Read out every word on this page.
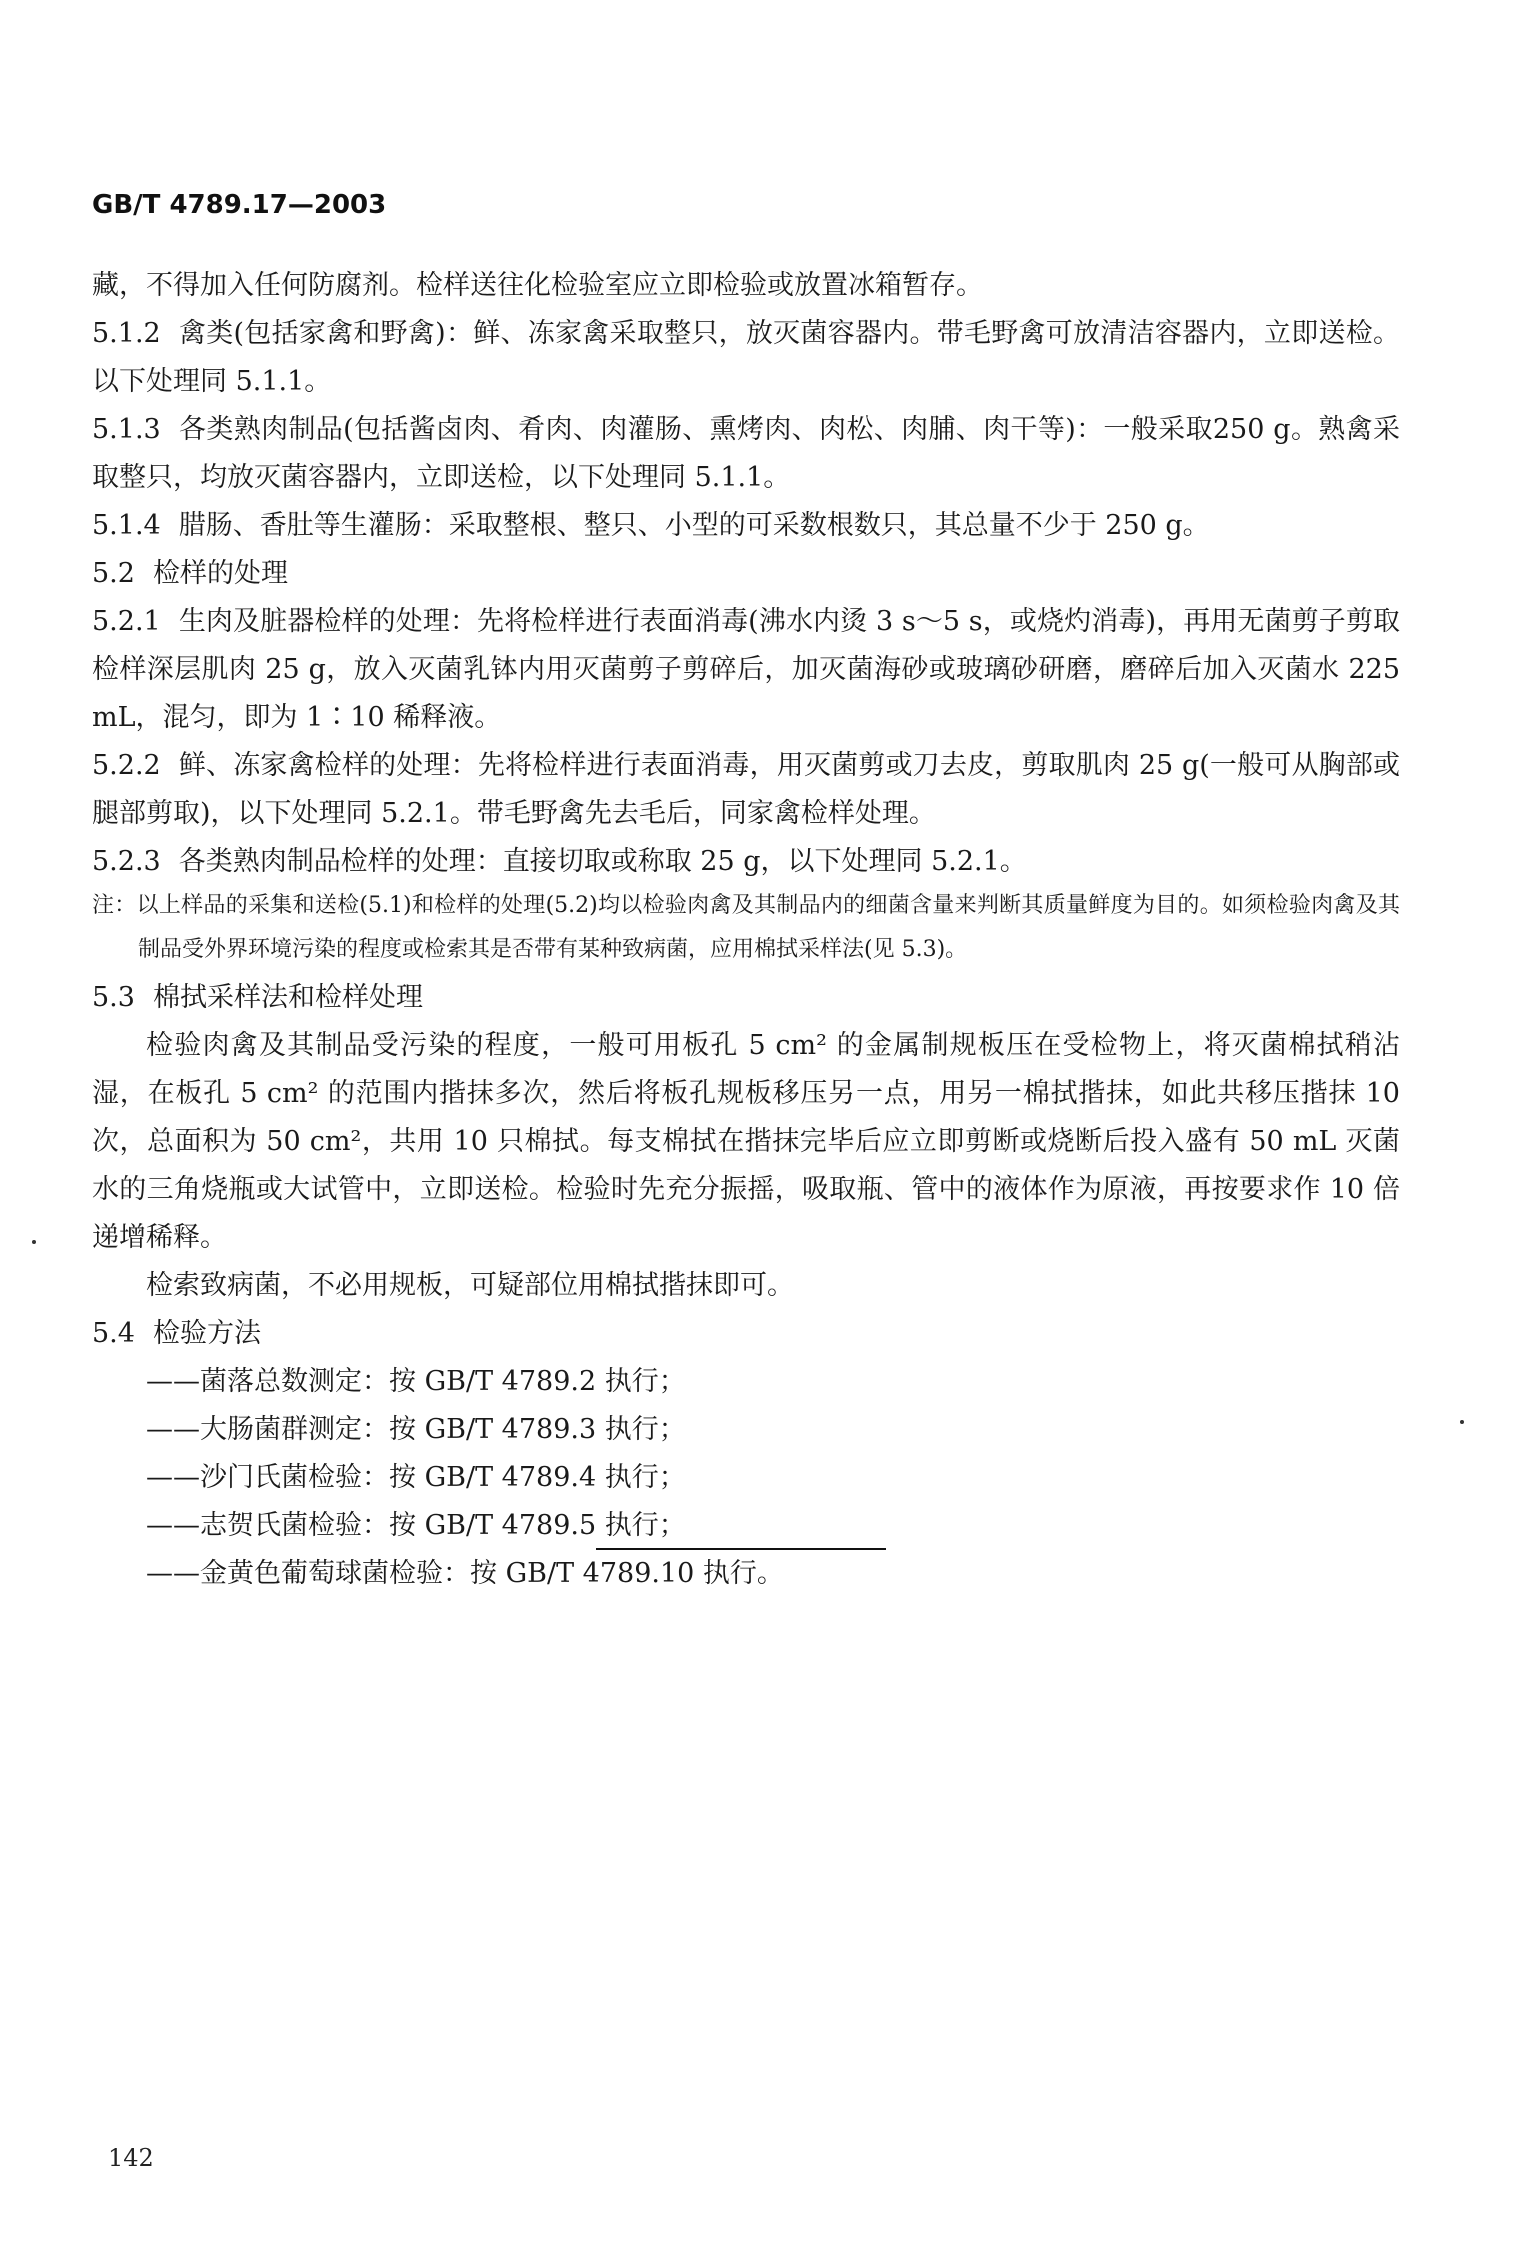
GB/T 4789.17—2003

藏，不得加入任何防腐剂。检样送往化检验室应立即检验或放置冰箱暂存。

5.1.2 禽类(包括家禽和野禽)：鲜、冻家禽采取整只，放灭菌容器内。带毛野禽可放清洁容器内，立即送检。以下处理同 5.1.1。

5.1.3 各类熟肉制品(包括酱卤肉、肴肉、肉灌肠、熏烤肉、肉松、肉脯、肉干等)：一般采取250 g。熟禽采取整只，均放灭菌容器内，立即送检，以下处理同 5.1.1。

5.1.4 腊肠、香肚等生灌肠：采取整根、整只、小型的可采数根数只，其总量不少于 250 g。

5.2 检样的处理

5.2.1 生肉及脏器检样的处理：先将检样进行表面消毒(沸水内烫 3 s～5 s，或烧灼消毒)，再用无菌剪子剪取检样深层肌肉 25 g，放入灭菌乳钵内用灭菌剪子剪碎后，加灭菌海砂或玻璃砂研磨，磨碎后加入灭菌水 225 mL，混匀，即为 1∶10 稀释液。

5.2.2 鲜、冻家禽检样的处理：先将检样进行表面消毒，用灭菌剪或刀去皮，剪取肌肉 25 g(一般可从胸部或腿部剪取)，以下处理同 5.2.1。带毛野禽先去毛后，同家禽检样处理。

5.2.3 各类熟肉制品检样的处理：直接切取或称取 25 g，以下处理同 5.2.1。

注：以上样品的采集和送检(5.1)和检样的处理(5.2)均以检验肉禽及其制品内的细菌含量来判断其质量鲜度为目的。如须检验肉禽及其制品受外界环境污染的程度或检索其是否带有某种致病菌，应用棉拭采样法(见 5.3)。

5.3 棉拭采样法和检样处理

检验肉禽及其制品受污染的程度，一般可用板孔 5 cm² 的金属制规板压在受检物上，将灭菌棉拭稍沾湿，在板孔 5 cm² 的范围内揩抹多次，然后将板孔规板移压另一点，用另一棉拭揩抹，如此共移压揩抹 10 次，总面积为 50 cm²，共用 10 只棉拭。每支棉拭在揩抹完毕后应立即剪断或烧断后投入盛有 50 mL 灭菌水的三角烧瓶或大试管中，立即送检。检验时先充分振摇，吸取瓶、管中的液体作为原液，再按要求作 10 倍递增稀释。

检索致病菌，不必用规板，可疑部位用棉拭揩抹即可。

5.4 检验方法

——菌落总数测定：按 GB/T 4789.2 执行；

——大肠菌群测定：按 GB/T 4789.3 执行；

——沙门氏菌检验：按 GB/T 4789.4 执行；

——志贺氏菌检验：按 GB/T 4789.5 执行；

——金黄色葡萄球菌检验：按 GB/T 4789.10 执行。

142
